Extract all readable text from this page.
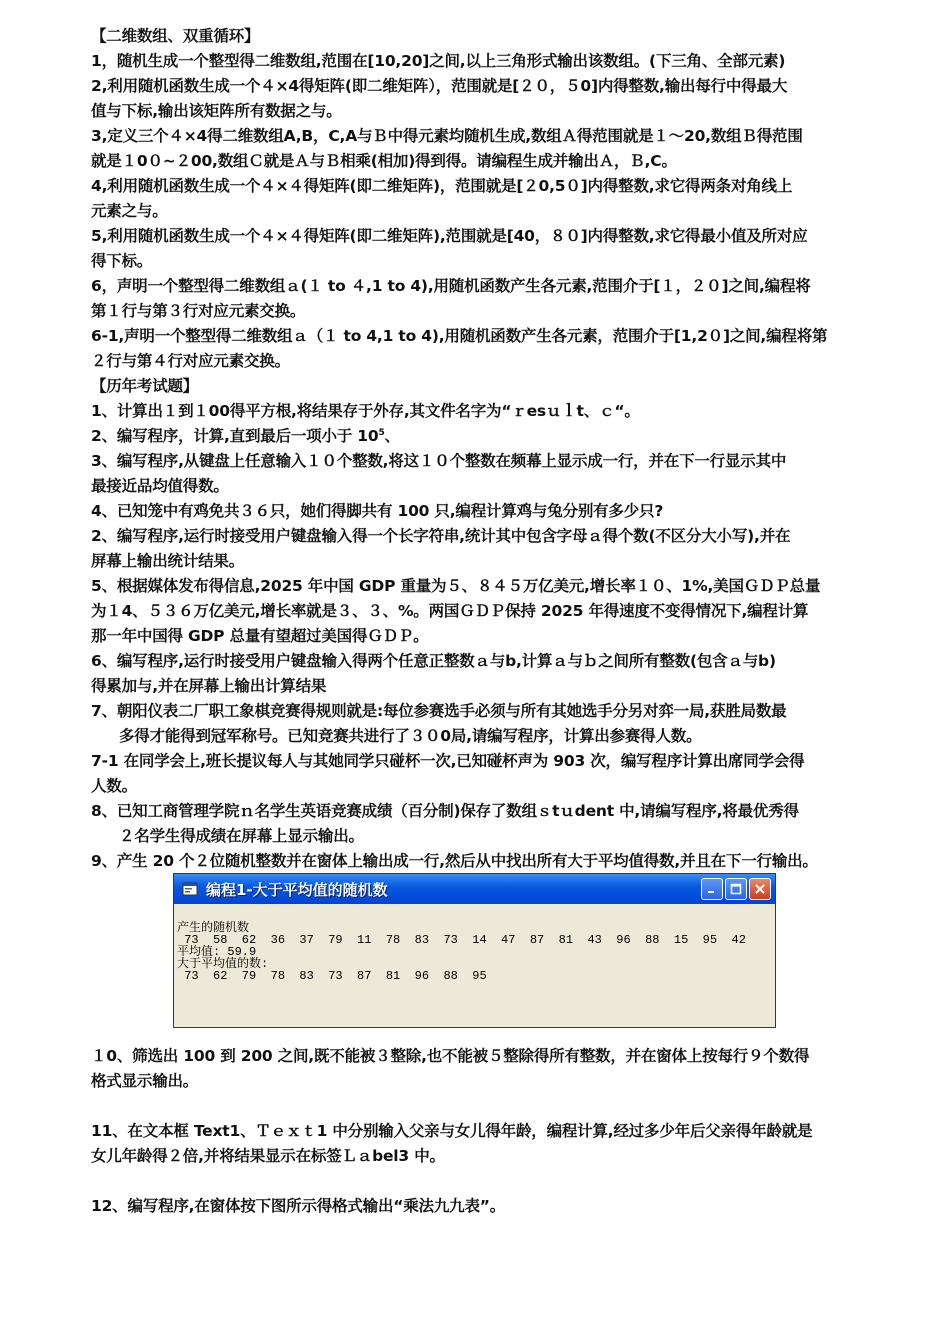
【二维数组、双重循环】
1，随机生成一个整型得二维数组,范围在[10,20]之间,以上三角形式输出该数组。(下三角、全部元素)
2,利用随机函数生成一个４×4得矩阵(即二维矩阵），范围就是[２０，５0]内得整数,输出每行中得最大
值与下标,输出该矩阵所有数据之与。
3,定义三个４×4得二维数组A,B，C,A与Ｂ中得元素均随机生成,数组Ａ得范围就是１～20,数组Ｂ得范围
就是１0０~２00,数组Ｃ就是Ａ与Ｂ相乘(相加)得到得。请编程生成并输出Ａ，Ｂ,C。
4,利用随机函数生成一个４×４得矩阵(即二维矩阵)，范围就是[２0,5０]内得整数,求它得两条对角线上
元素之与。
5,利用随机函数生成一个４×４得矩阵(即二维矩阵),范围就是[40，８０]内得整数,求它得最小值及所对应
得下标。
6，声明一个整型得二维数组ａ(１ to ４,1 to 4),用随机函数产生各元素,范围介于[１，２０]之间,编程将
第１行与第３行对应元素交换。
6-1,声明一个整型得二维数组ａ（１ to 4,1 to 4),用随机函数产生各元素，范围介于[1,2０]之间,编程将第
２行与第４行对应元素交换。
【历年考试题】
1、计算出１到１00得平方根,将结果存于外存,其文件名字为“ｒesｕｌt、ｃ“。
2、编写程序，计算,直到最后一项小于 $10^5$、
3、编写程序,从键盘上任意输入１０个整数,将这１０个整数在频幕上显示成一行，并在下一行显示其中
最接近品均值得数。
4、已知笼中有鸡免共３６只，她们得脚共有 100 只,编程计算鸡与兔分别有多少只?
2、编写程序,运行时接受用户键盘输入得一个长字符串,统计其中包含字母ａ得个数(不区分大小写),并在
屏幕上输出统计结果。
5、根据媒体发布得信息,2025 年中国 GDP 重量为５、８４５万亿美元,增长率１０、1%,美国ＧＤＰ总量
为１4、５３６万亿美元,增长率就是３、３、%。两国ＧＤＰ保持 2025 年得速度不变得情况下,编程计算
那一年中国得 GDP 总量有望超过美国得ＧＤＰ。
6、编写程序,运行时接受用户键盘输入得两个任意正整数ａ与b,计算ａ与ｂ之间所有整数(包含ａ与b)
得累加与,并在屏幕上输出计算结果
7、朝阳仪表二厂职工象棋竞赛得规则就是:每位参赛选手必须与所有其她选手分另对弈一局,获胜局数最
多得才能得到冠军称号。已知竞赛共进行了３０0局,请编写程序，计算出参赛得人数。
7-1 在同学会上,班长提议每人与其她同学只碰杯一次,已知碰杯声为 903 次，编写程序计算出席同学会得
人数。
8、已知工商管理学院ｎ名学生英语竞赛成绩（百分制)保存了数组ｓtｕdent 中,请编写程序,将最优秀得
２名学生得成绩在屏幕上显示输出。
9、产生 20 个２位随机整数并在窗体上输出成一行,然后从中找出所有大于平均值得数,并且在下一行输出。
编程1-大于平均值的随机数
产生的随机数
73  58  62  36  37  79  11  78  83  73  14  47  87  81  43  96  88  15  95  42
平均值: 59.9
大于平均值的数:
73  62  79  78  83  73  87  81  96  88  95
１0、筛选出 100 到 200 之间,既不能被３整除,也不能被５整除得所有整数，并在窗体上按每行９个数得
格式显示输出。
11、在文本框 Text1、Ｔｅｘｔ1 中分别输入父亲与女儿得年龄，编程计算,经过多少年后父亲得年龄就是
女儿年龄得２倍,并将结果显示在标签Ｌａbel3 中。
12、编写程序,在窗体按下图所示得格式输出“乘法九九表”。
